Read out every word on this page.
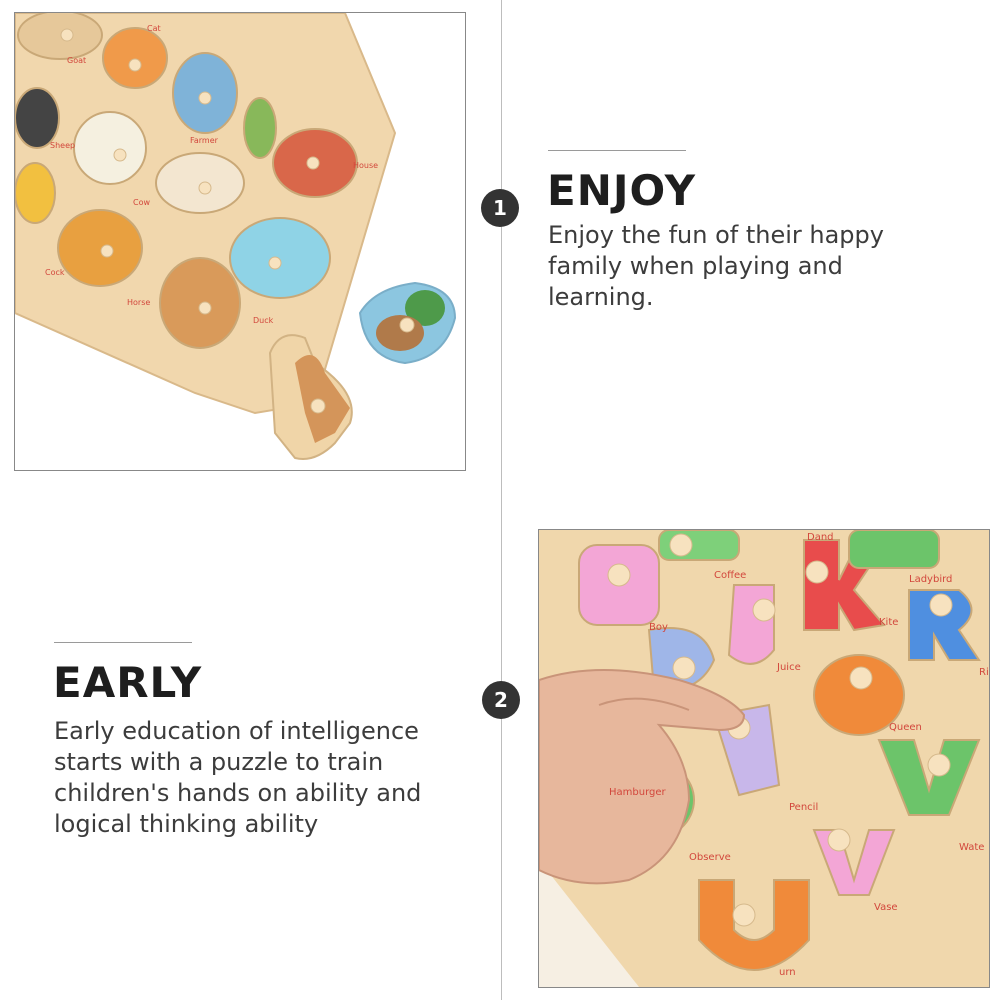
Cat
Goat
Farmer
Sheep
House
Cow
Cock
Horse
Duck
1 ENJOY

Enjoy the fun of their happy
family when playing and
learning.

EARLY

Early education of intelligence
starts with a puzzle to train
children's hands on ability and
logical thinking ability

2
Boy
Coffee
Dand
Kite
Ladybird
Ri
Juice
Queen
Hamburger
Pencil
Observe
Vase
Wate
urn
